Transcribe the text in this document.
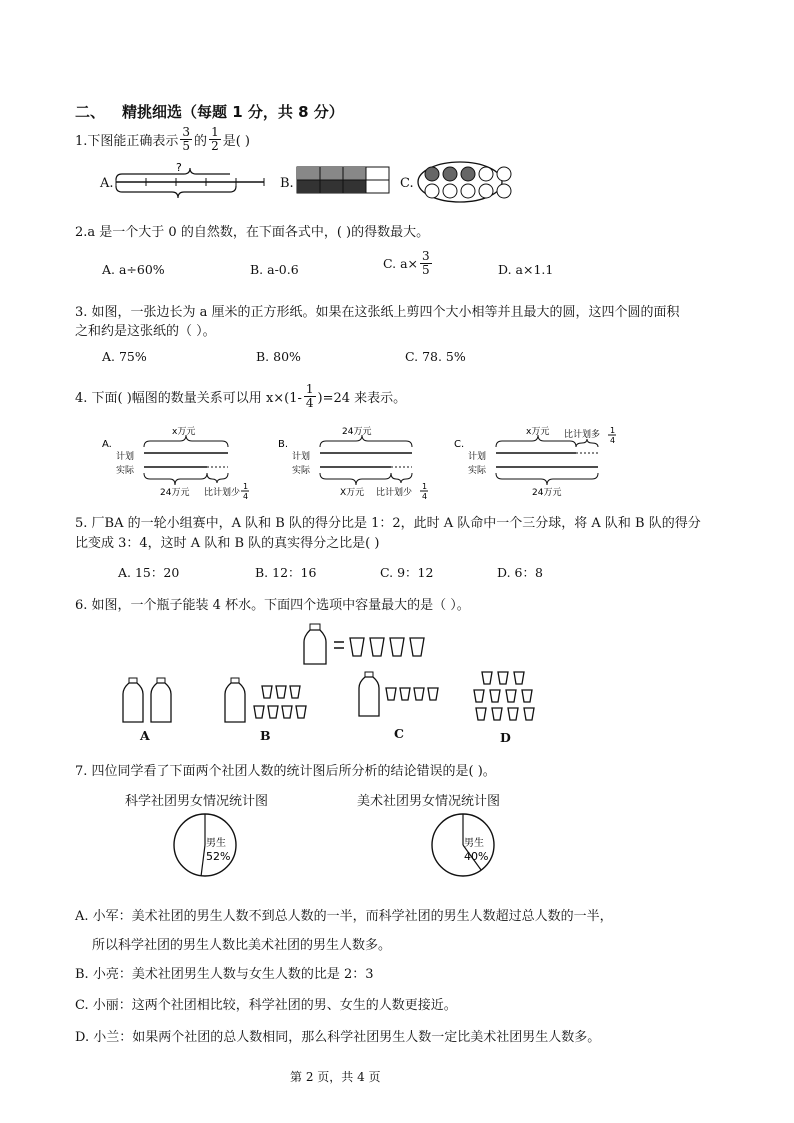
二、 精挑细选（每题 1 分，共 8 分）
1.下图能正确表示 $\frac{3}{5}$ 的 $\frac{1}{2}$ 是( )
A.
?
B.	C.
2.a 是一个大于 0 的自然数，在下面各式中，( )的得数最大。
A. a÷60%	B. a-0.6	C. $a\times \frac{3}{5}$	D. a×1.1
3. 如图，一张边长为 a 厘米的正方形纸。如果在这张纸上剪四个大小相等并且最大的圆，这四个圆的面积
之和约是这张纸的（ ）。
A. 75%	B. 80%	C. 78. 5%
4. 下面( )幅图的数量关系可以用 $x\times(1- \frac{1}{4} )=24$ 来表示。
A.
x万元
计划
实际
24万元 比计划少
1
4
B.
24万元
计划
实际
X万元 比计划少
1
4
C.
x万元 比计划多 1
4
计划
实际
24万元
5. 厂BA 的一轮小组赛中，A 队和 B 队的得分比是 1：2，此时 A 队命中一个三分球，将 A 队和 B 队的得分
比变成 3：4，这时 A 队和 B 队的真实得分之比是( )
A. 15：20	B. 12：16	C. 9：12	D. 6：8
6. 如图，一个瓶子能装 4 杯水。下面四个选项中容量最大的是（ ）。
A	B	C	D
7. 四位同学看了下面两个社团人数的统计图后所分析的结论错误的是( )。
科学社团男女情况统计图	美术社团男女情况统计图
男生
52%
男生
40%
A. 小军：美术社团的男生人数不到总人数的一半，而科学社团的男生人数超过总人数的一半，
所以科学社团的男生人数比美术社团的男生人数多。
B. 小亮：美术社团男生人数与女生人数的比是 2：3
C. 小丽：这两个社团相比较，科学社团的男、女生的人数更接近。
D. 小兰：如果两个社团的总人数相同，那么科学社团男生人数一定比美术社团男生人数多。
第 2 页，共 4 页
